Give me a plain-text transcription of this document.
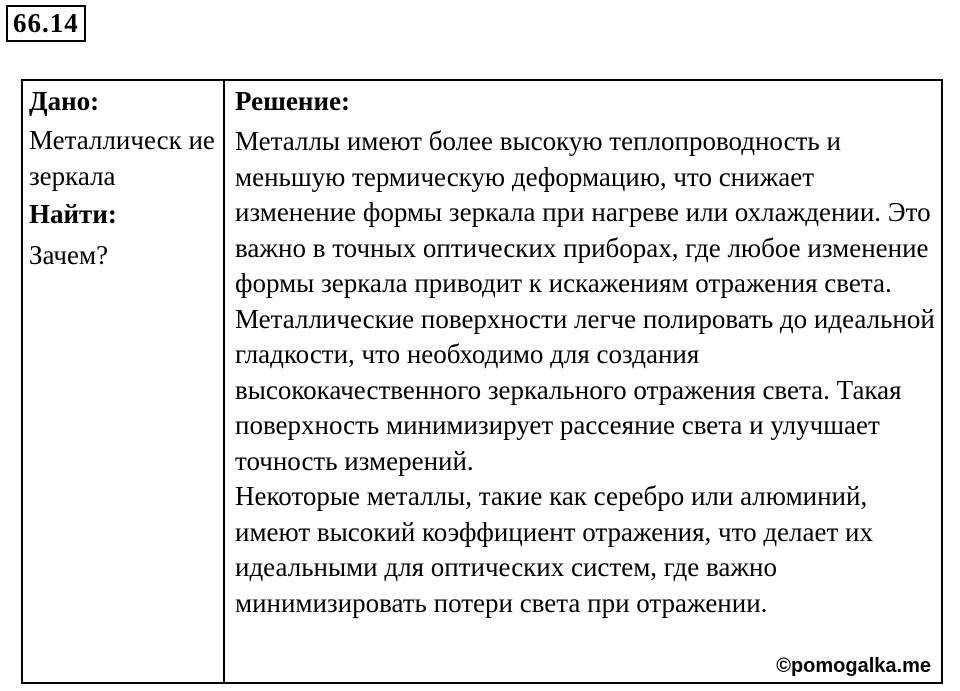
66.14

Дано:

Металлическ ие зеркала

Найти:

Зачем?

Решение:

Металлы имеют более высокую теплопроводность и меньшую термическую деформацию, что снижает изменение формы зеркала при нагреве или охлаждении. Это важно в точных оптических приборах, где любое изменение формы зеркала приводит к искажениям отражения света.

Металлические поверхности легче полировать до идеальной гладкости, что необходимо для создания высококачественного зеркального отражения света. Такая поверхность минимизирует рассеяние света и улучшает точность измерений.

Некоторые металлы, такие как серебро или алюминий, имеют высокий коэффициент отражения, что делает их идеальными для оптических систем, где важно минимизировать потери света при отражении.

©pomogalka.me
